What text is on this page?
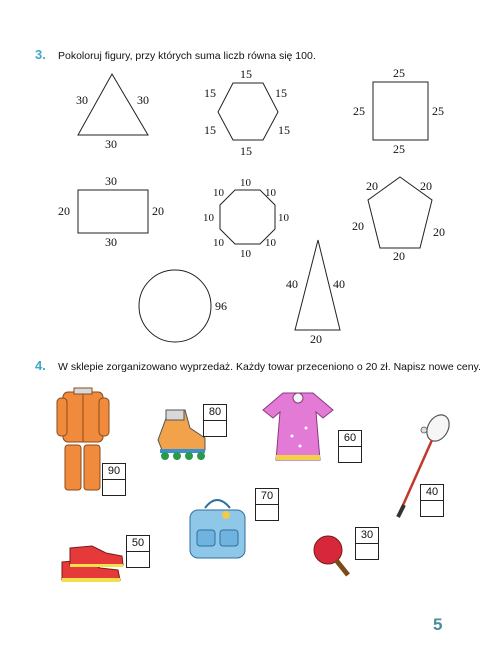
3. Pokoloruj figury, przy których suma liczb równa się 100.
30	30
30
15
15	15
15	15
15
25
25	25
25
30
20	20
30
10
10	10
10	10
10	10
10
20	20
20	20
20
96
40	40
20
4. W sklepie zorganizowano wyprzedaż. Każdy towar przeceniono o 20 zł. Napisz nowe ceny.
90
80
60
40
70
50
30
5
